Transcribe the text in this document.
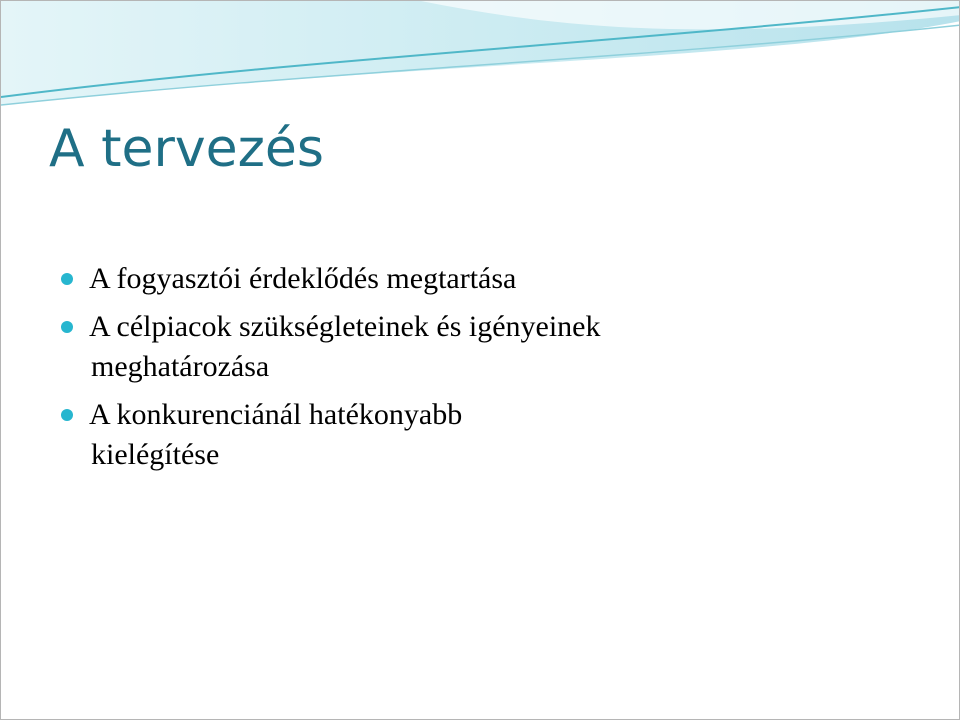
A tervezés
A fogyasztói érdeklődés megtartása
A célpiacok szükségleteinek és igényeinek
meghatározása
A konkurenciánál hatékonyabb
kielégítése
